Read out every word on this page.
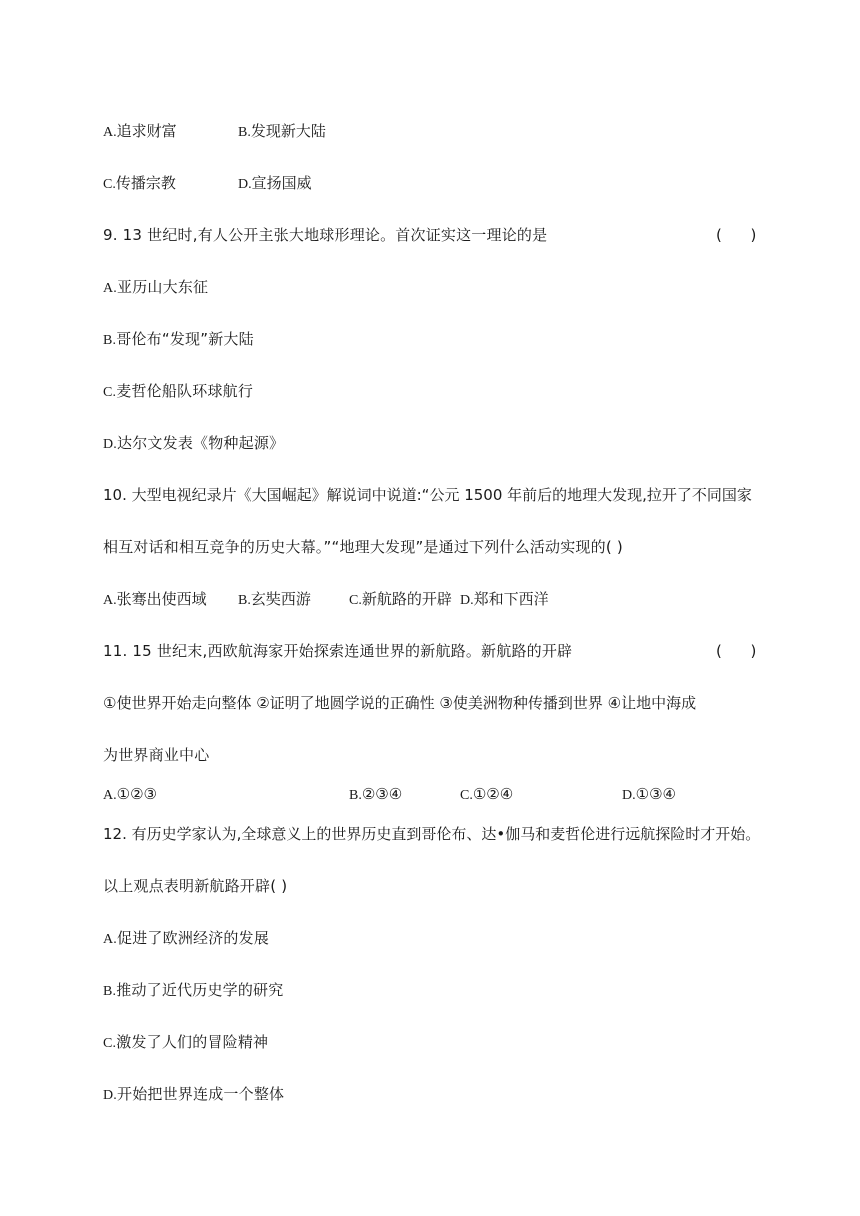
A.追求财富	B.发现新大陆
C.传播宗教	D.宣扬国威
9. 13 世纪时,有人公开主张大地球形理论。首次证实这一理论的是	(      )
A.亚历山大东征
B.哥伦布“发现”新大陆
C.麦哲伦船队环球航行
D.达尔文发表《物种起源》
10. 大型电视纪录片《大国崛起》解说词中说道:“公元 1500 年前后的地理大发现,拉开了不同国家
相互对话和相互竞争的历史大幕。”“地理大发现”是通过下列什么活动实现的( )
A.张骞出使西域 B.玄奘西游	C.新航路的开辟 D.郑和下西洋
11. 15 世纪末,西欧航海家开始探索连通世界的新航路。新航路的开辟	(      )
①使世界开始走向整体 ②证明了地圆学说的正确性 ③使美洲物种传播到世界 ④让地中海成
为世界商业中心
A.①②③	B.②③④	C.①②④	D.①③④
12. 有历史学家认为,全球意义上的世界历史直到哥伦布、达•伽马和麦哲伦进行远航探险时才开始。
以上观点表明新航路开辟( )
A.促进了欧洲经济的发展
B.推动了近代历史学的研究
C.激发了人们的冒险精神
D.开始把世界连成一个整体
